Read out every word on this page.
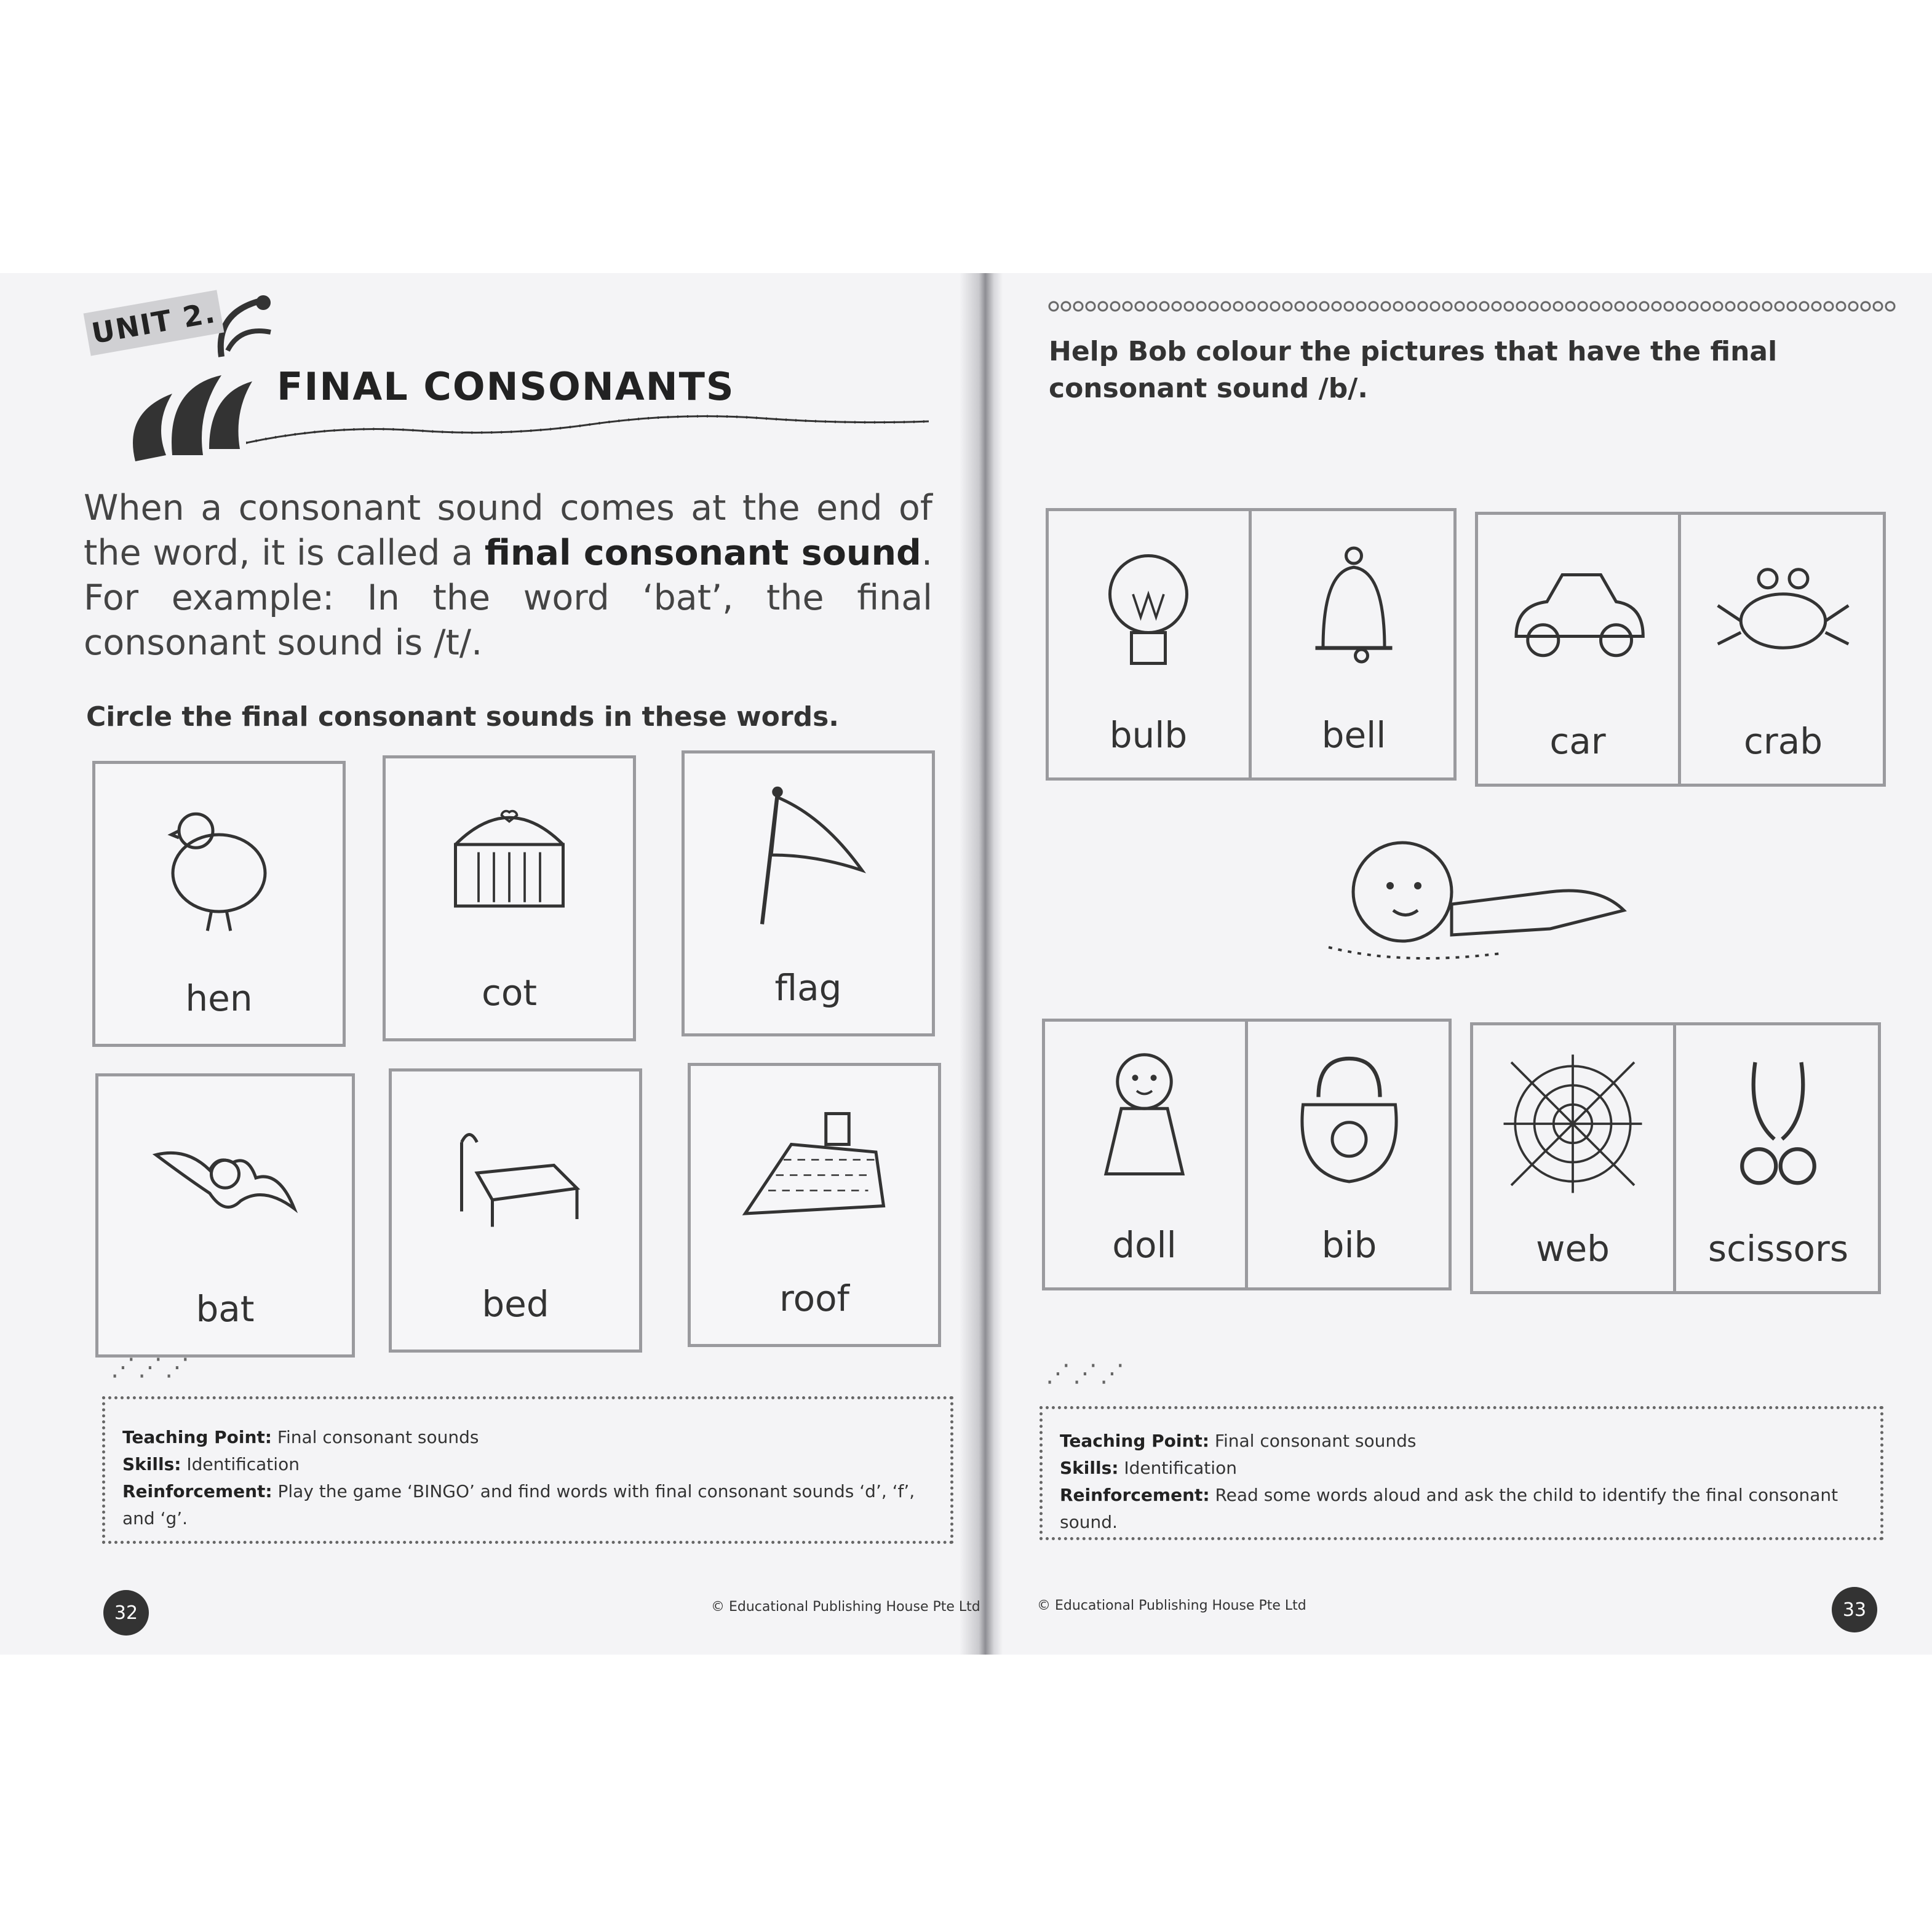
UNIT 2.
FINAL CONSONANTS
When a consonant sound comes at the end of the word, it is called a final consonant sound. For example: In the word ‘bat’, the final consonant sound is /t/.
Circle the final consonant sounds in these words.
hen	cot	flag
bat	bed	roof
⋰⋰⋰
Teaching Point: Final consonant sounds
Skills: Identification
Reinforcement: Play the game ‘BINGO’ and find words with final consonant sounds ‘d’, ‘f’, and ‘g’.
32	© Educational Publishing House Pte Ltd
Help Bob colour the pictures that have the final consonant sound /b/.
bulb	bell	car	crab
doll	bib	web	scissors
⋰⋰⋰
Teaching Point: Final consonant sounds
Skills: Identification
Reinforcement: Read some words aloud and ask the child to identify the final consonant sound.
© Educational Publishing House Pte Ltd	33
